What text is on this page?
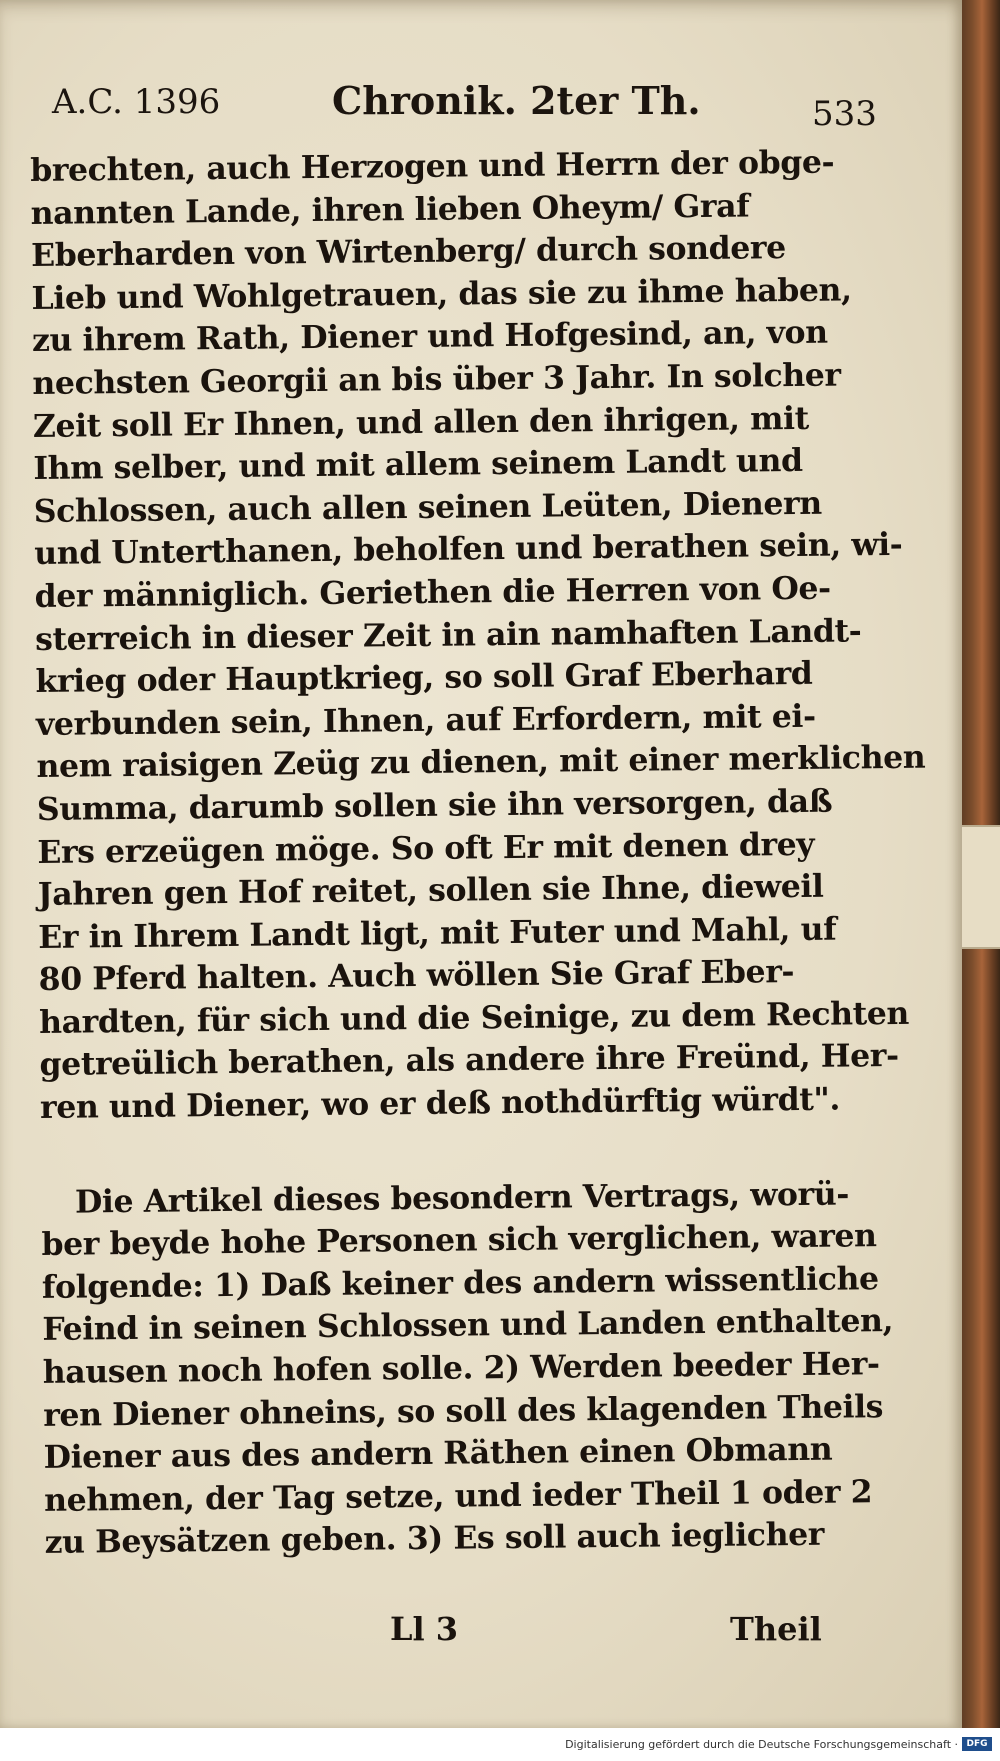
A.C. 1396	Chronik. 2ter Th.	533
brechten, auch Herzogen und Herrn der obge-
nannten Lande, ihren lieben Oheym/ Graf
Eberharden von Wirtenberg/ durch sondere
Lieb und Wohlgetrauen, das sie zu ihme haben,
zu ihrem Rath, Diener und Hofgesind, an, von
nechsten Georgii an bis über 3 Jahr. In solcher
Zeit soll Er Ihnen, und allen den ihrigen, mit
Ihm selber, und mit allem seinem Landt und
Schlossen, auch allen seinen Leüten, Dienern
und Unterthanen, beholfen und berathen sein, wi-
der männiglich. Geriethen die Herren von Oe-
sterreich in dieser Zeit in ain namhaften Landt-
krieg oder Hauptkrieg, so soll Graf Eberhard
verbunden sein, Ihnen, auf Erfordern, mit ei-
nem raisigen Zeüg zu dienen, mit einer merklichen
Summa, darumb sollen sie ihn versorgen, daß
Ers erzeügen möge. So oft Er mit denen drey
Jahren gen Hof reitet, sollen sie Ihne, dieweil
Er in Ihrem Landt ligt, mit Futer und Mahl, uf
80 Pferd halten. Auch wöllen Sie Graf Eber-
hardten, für sich und die Seinige, zu dem Rechten
getreülich berathen, als andere ihre Freünd, Her-
ren und Diener, wo er deß nothdürftig würdt".
Die Artikel dieses besondern Vertrags, worü-
ber beyde hohe Personen sich verglichen, waren
folgende: 1) Daß keiner des andern wissentliche
Feind in seinen Schlossen und Landen enthalten,
hausen noch hofen solle. 2) Werden beeder Her-
ren Diener ohneins, so soll des klagenden Theils
Diener aus des andern Räthen einen Obmann
nehmen, der Tag setze, und ieder Theil 1 oder 2
zu Beysätzen geben. 3) Es soll auch ieglicher
Ll 3	Theil
Digitalisierung gefördert durch die Deutsche Forschungsgemeinschaft · DFG
